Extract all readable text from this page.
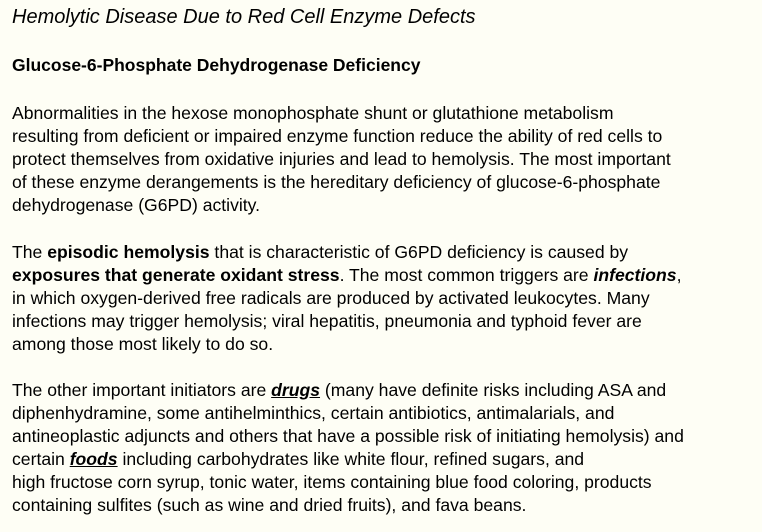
Hemolytic Disease Due to Red Cell Enzyme Defects
Glucose-6-Phosphate Dehydrogenase Deficiency
Abnormalities in the hexose monophosphate shunt or glutathione metabolism
resulting from deficient or impaired enzyme function reduce the ability of red cells to
protect themselves from oxidative injuries and lead to hemolysis. The most important
of these enzyme derangements is the hereditary deficiency of glucose-6-phosphate
dehydrogenase (G6PD) activity.
The episodic hemolysis that is characteristic of G6PD deficiency is caused by
exposures that generate oxidant stress. The most common triggers are infections,
in which oxygen-derived free radicals are produced by activated leukocytes. Many
infections may trigger hemolysis; viral hepatitis, pneumonia and typhoid fever are
among those most likely to do so.
The other important initiators are drugs (many have definite risks including ASA and
diphenhydramine, some antihelminthics, certain antibiotics, antimalarials, and
antineoplastic adjuncts and others that have a possible risk of initiating hemolysis) and
certain foods including carbohydrates like white flour, refined sugars, and
high fructose corn syrup, tonic water, items containing blue food coloring, products
containing sulfites (such as wine and dried fruits), and fava beans.
